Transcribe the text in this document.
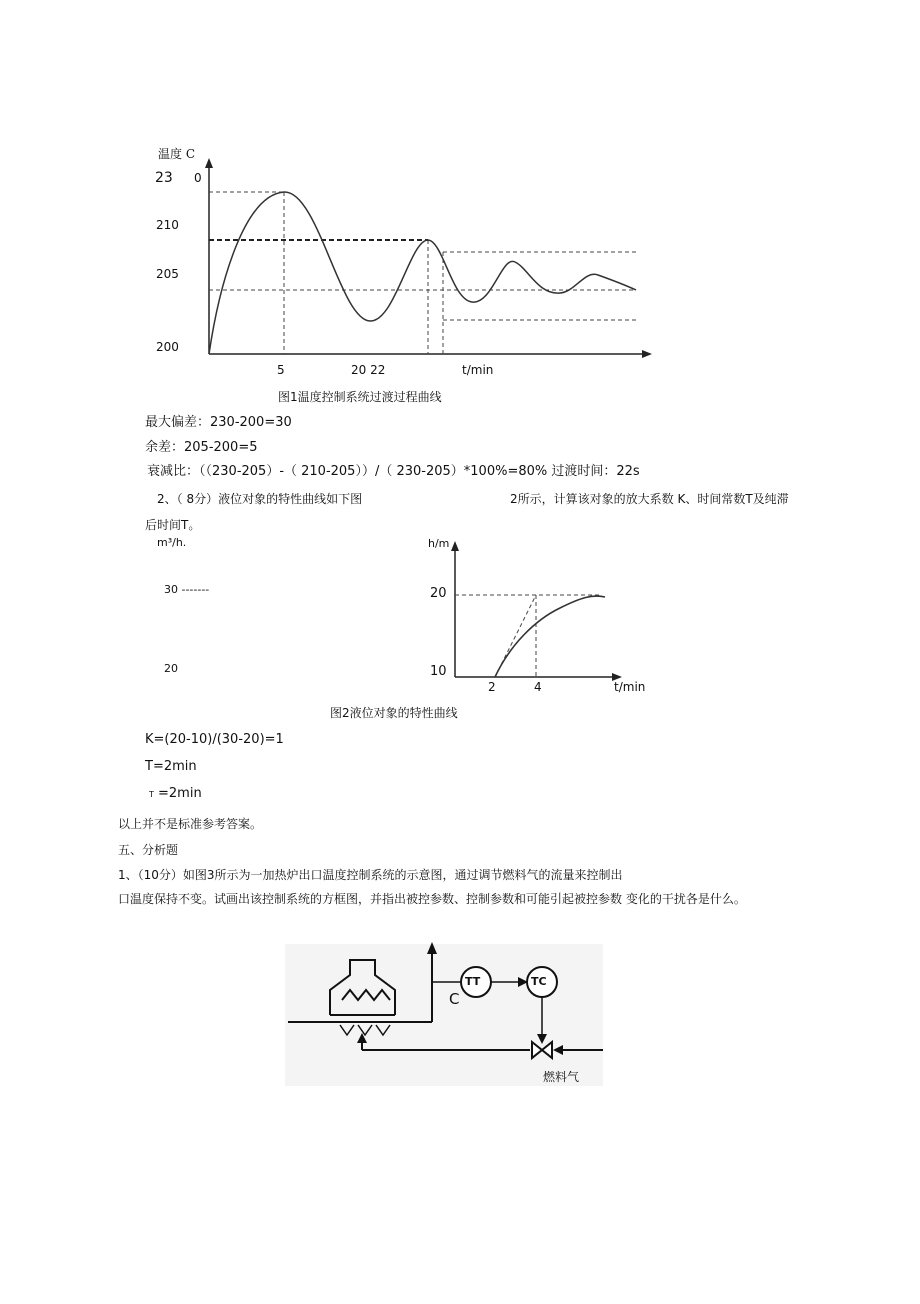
温度 C
23 0
210
205
200
5	20 22	t/min
图1温度控制系统过渡过程曲线
最大偏差：230-200=30
余差：205-200=5
衰减比：（（230-205）-（ 210-205））/（ 230-205）*100%=80% 过渡时间：22s
2、（ 8分）液位对象的特性曲线如下图	2所示，计算该对象的放大系数 K、时间常数T及纯滞
后时间T。
m³/h.
30 -------
20
h/m
20
10
2	4	t/min
图2液位对象的特性曲线
K=(20-10)/(30-20)=1
T=2min
T =2min
以上并不是标准参考答案。
五、分析题
1、（10分）如图3所示为一加热炉出口温度控制系统的示意图，通过调节燃料气的流量来控制出
口温度保持不变。试画出该控制系统的方框图，并指出被控参数、控制参数和可能引起被控参数 变化的干扰各是什么。
TT	TC
C
燃料气
